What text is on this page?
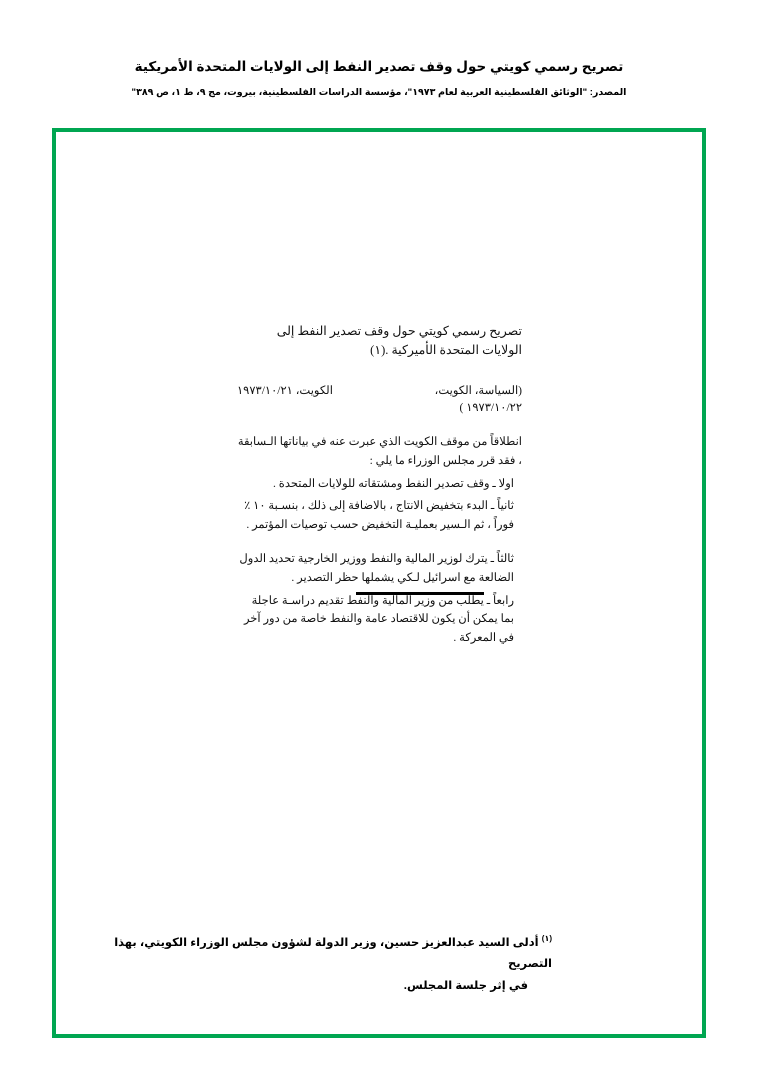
تصريح رسمي كويتي حول وقف تصدير النفط إلى الولايات المتحدة الأمريكية
المصدر: "الوثائق الفلسطينية العربية لعام ١٩٧٣"، مؤسسة الدراسات الفلسطينية، بيروت، مج ٩، ط ١، ص ٣٨٩"
تصريح رسمي كويتي حول وقف تصدير النفط إلى الولايات المتحدة الأميركية .(١)
(السياسة، الكويت،
١٩٧٣/١٠/٢٢ )
الكويت، ١٩٧٣/١٠/٢١
انطلاقاً من موقف الكويت الذي عبرت عنه في بياناتها الـسابقة ، فقد قرر مجلس الوزراء ما يلي :
اولا ـ وقف تصدير النفط ومشتقاته للولايات المتحدة .
ثانياً ـ البدء بتخفيض الانتاج ، بالاضافة إلى ذلك ، بنسـبة ١٠ ٪ فوراً ، ثم الـسير بعمليـة التخفيض حسب توصيات المؤتمر .
ثالثاً ـ يترك لوزير المالية والنفط ووزير الخارجية تحديد الدول الضالعة مع اسرائيل لـكي يشملها حظر التصدير .
رابعاً ـ يطلب من وزير المالية والنفط تقديم دراسـة عاجلة بما يمكن أن يكون للاقتصاد عامة والنفط خاصة من دور آخر في المعركة .
$^{(١)}$ أدلى السيد عبدالعزيز حسين، وزير الدولة لشؤون مجلس الوزراء الكويتي، بهذا التصريح
في إثر جلسة المجلس.
